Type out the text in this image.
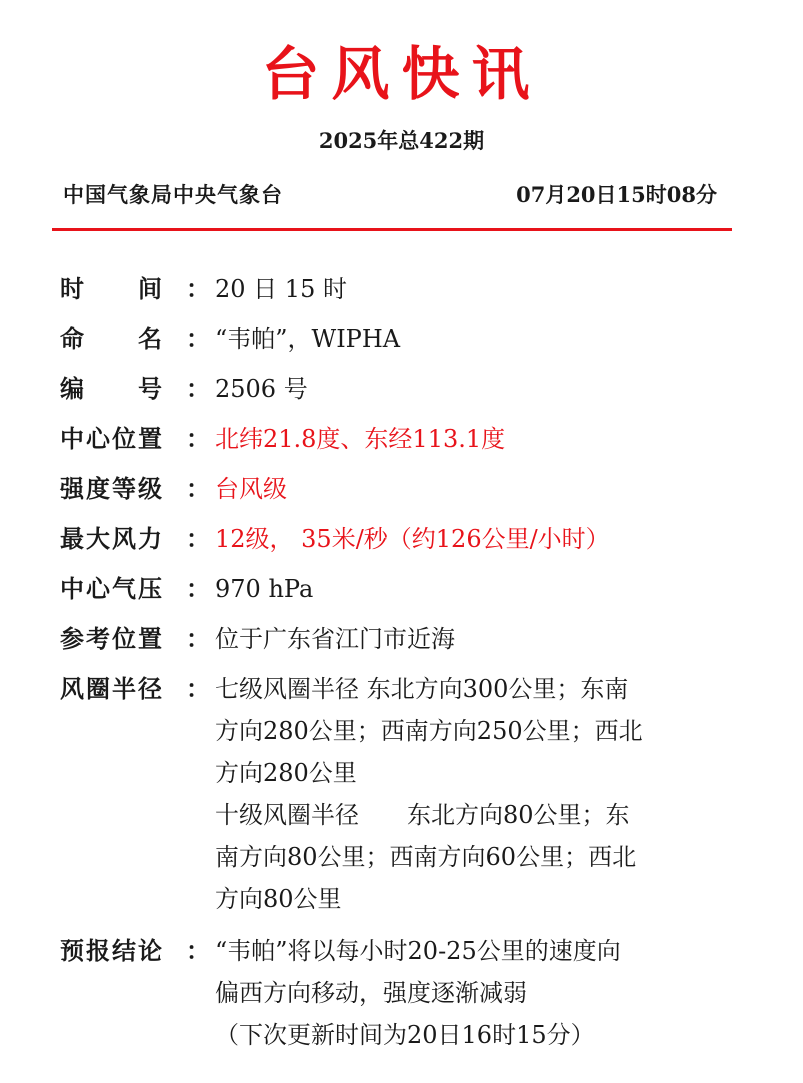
台风快讯
2025年总422期
中国气象局中央气象台	07月20日15时08分
时　　间 ： 20 日 15 时
命　　名 ： “韦帕”，WIPHA
编　　号 ： 2506 号
中心位置 ： 北纬21.8度、东经113.1度
强度等级 ： 台风级
最大风力 ： 12级， 35米/秒（约126公里/小时）
中心气压 ： 970 hPa
参考位置 ： 位于广东省江门市近海
风圈半径 ： 七级风圈半径 东北方向300公里；东南
方向280公里；西南方向250公里；西北
方向280公里
十级风圈半径　　东北方向80公里；东
南方向80公里；西南方向60公里；西北
方向80公里
预报结论 ： “韦帕”将以每小时20-25公里的速度向
偏西方向移动，强度逐渐减弱
（下次更新时间为20日16时15分）
